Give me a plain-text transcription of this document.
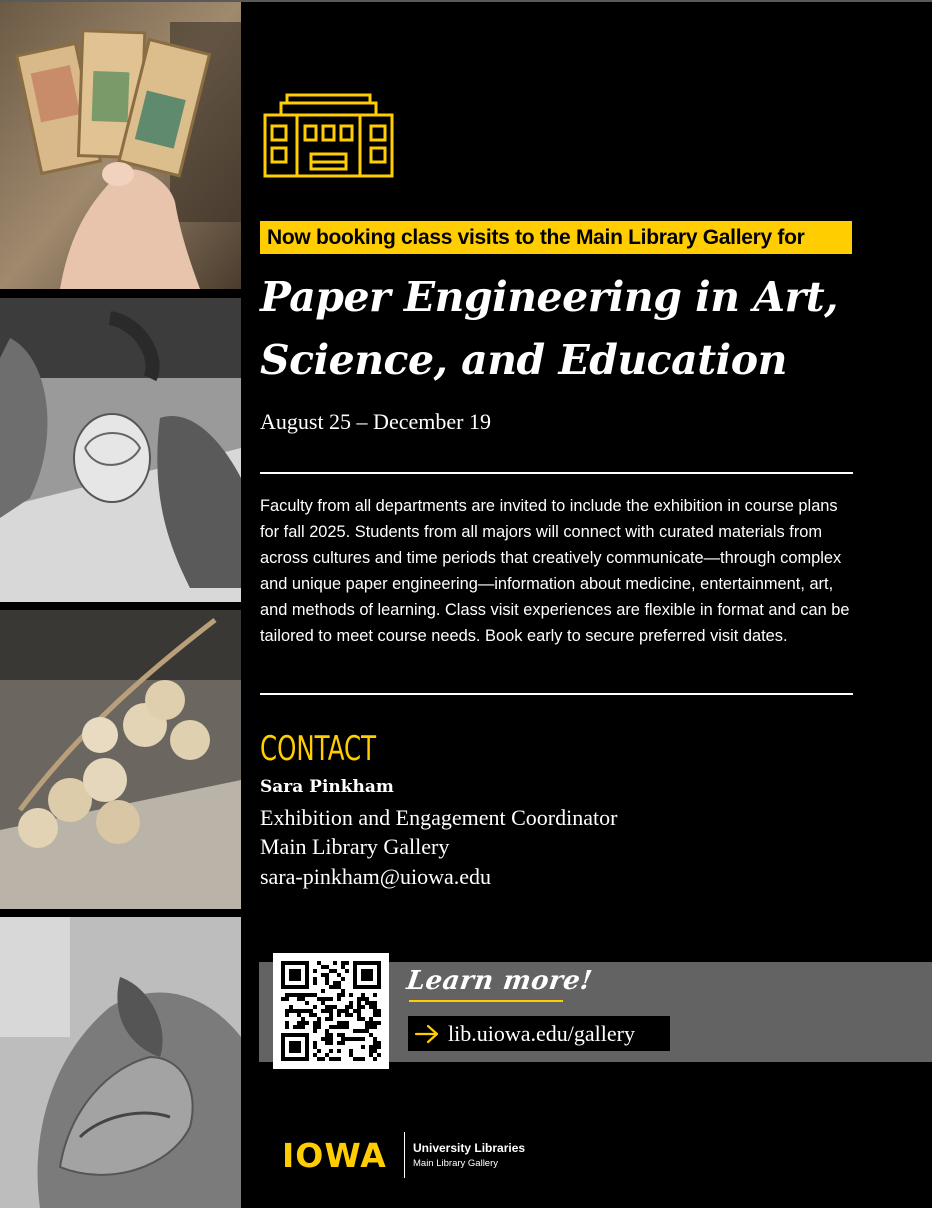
Now booking class visits to the Main Library Gallery for
Paper Engineering in Art,
Science, and Education
August 25 – December 19

Faculty from all departments are invited to include the exhibition in course plans for fall 2025. Students from all majors will connect with curated materials from across cultures and time periods that creatively communicate—through complex and unique paper engineering—information about medicine, entertainment, art, and methods of learning. Class visit experiences are flexible in format and can be tailored to meet course needs. Book early to secure preferred visit dates.

CONTACT
Sara Pinkham
Exhibition and Engagement Coordinator
Main Library Gallery
sara-pinkham@uiowa.edu
Learn more!
lib.uiowa.edu/gallery
IOWA University Libraries
Main Library Gallery
